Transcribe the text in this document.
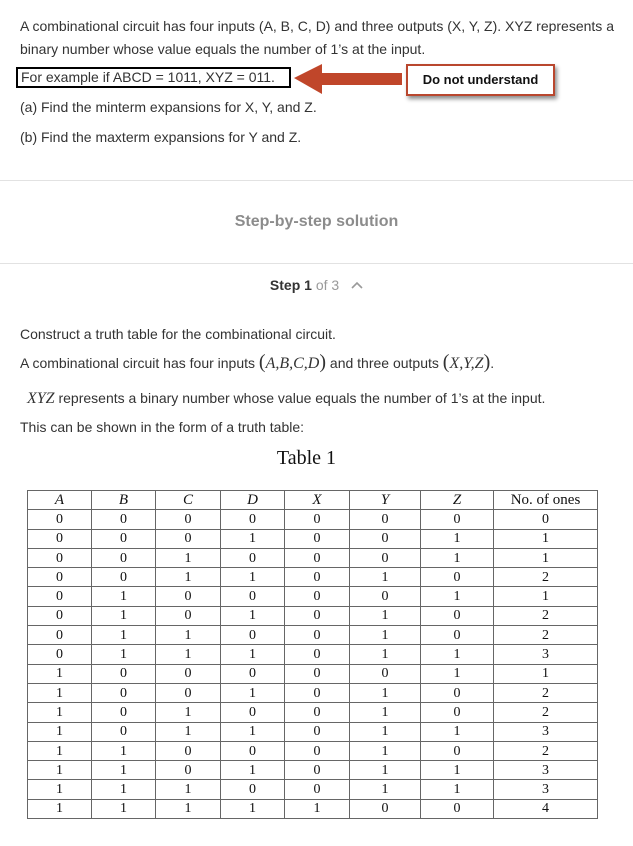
A combinational circuit has four inputs (A, B, C, D) and three outputs (X, Y, Z). XYZ represents a
binary number whose value equals the number of 1’s at the input.
For example if ABCD = 1011, XYZ = 011.	Do not understand
(a) Find the minterm expansions for X, Y, and Z.
(b) Find the maxterm expansions for Y and Z.
Step-by-step solution
Step 1 of 3
Construct a truth table for the combinational circuit.
A combinational circuit has four inputs (A,B,C,D) and three outputs (X,Y,Z).
XYZ represents a binary number whose value equals the number of 1’s at the input.
This can be shown in the form of a truth table:
Table 1
A	B	C	D	X	Y	Z	No. of ones
0	0	0	0	0	0	0	0
0	0	0	1	0	0	1	1
0	0	1	0	0	0	1	1
0	0	1	1	0	1	0	2
0	1	0	0	0	0	1	1
0	1	0	1	0	1	0	2
0	1	1	0	0	1	0	2
0	1	1	1	0	1	1	3
1	0	0	0	0	0	1	1
1	0	0	1	0	1	0	2
1	0	1	0	0	1	0	2
1	0	1	1	0	1	1	3
1	1	0	0	0	1	0	2
1	1	0	1	0	1	1	3
1	1	1	0	0	1	1	3
1	1	1	1	1	0	0	4
